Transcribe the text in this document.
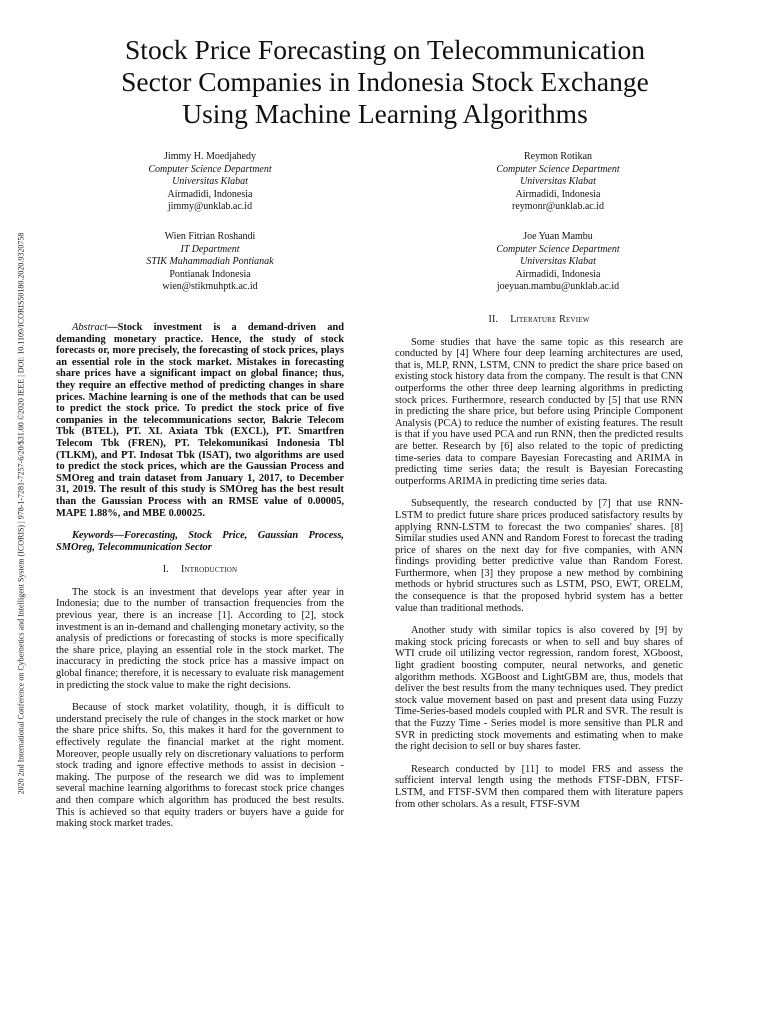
2020 2nd International Conference on Cybernetics and Intelligent System (ICORIS) | 978-1-7281-7257-6/20/$31.00 ©2020 IEEE | DOI: 10.1109/ICORIS50180.2020.9320758
Stock Price Forecasting on Telecommunication
Sector Companies in Indonesia Stock Exchange
Using Machine Learning Algorithms
Jimmy H. Moedjahedy
Computer Science Department
Universitas Klabat
Airmadidi, Indonesia
jimmy@unklab.ac.id
Reymon Rotikan
Computer Science Department
Universitas Klabat
Airmadidi, Indonesia
reymonr@unklab.ac.id
Wien Fitrian Roshandi
IT Department
STIK Muhammadiah Pontianak
Pontianak Indonesia
wien@stikmuhptk.ac.id
Joe Yuan Mambu
Computer Science Department
Universitas Klabat
Airmadidi, Indonesia
joeyuan.mambu@unklab.ac.id

Abstract—Stock investment is a demand-driven and demanding monetary practice. Hence, the study of stock forecasts or, more precisely, the forecasting of stock prices, plays an essential role in the stock market. Mistakes in forecasting share prices have a significant impact on global finance; thus, they require an effective method of predicting changes in share prices. Machine learning is one of the methods that can be used to predict the stock price. To predict the stock price of five companies in the telecommunications sector, Bakrie Telecom Tbk (BTEL), PT. XL Axiata Tbk (EXCL), PT. Smartfren Telecom Tbk (FREN), PT. Telekomunikasi Indonesia Tbl (TLKM), and PT. Indosat Tbk (ISAT), two algorithms are used to predict the stock prices, which are the Gaussian Process and SMOreg and train dataset from January 1, 2017, to December 31, 2019. The result of this study is SMOreg has the best result than the Gaussian Process with an RMSE value of 0.00005, MAPE 1.88%, and MBE 0.00025.

Keywords—Forecasting, Stock Price, Gaussian Process, SMOreg, Telecommunication Sector

I. Introduction

The stock is an investment that develops year after year in Indonesia; due to the number of transaction frequencies from the previous year, there is an increase [1]. According to [2], stock investment is an in-demand and challenging monetary activity, so the analysis of predictions or forecasting of stocks is more specifically the share price, playing an essential role in the stock market. The inaccuracy in predicting the stock price has a massive impact on global finance; therefore, it is necessary to evaluate risk management in predicting the stock value to make the right decisions.

Because of stock market volatility, though, it is difficult to understand precisely the rule of changes in the stock market or how the share price shifts. So, this makes it hard for the government to effectively regulate the financial market at the right moment. Moreover, people usually rely on discretionary valuations to perform stock trading and ignore effective methods to assist in decision - making. The purpose of the research we did was to implement several machine learning algorithms to forecast stock price changes and then compare which algorithm has produced the best results. This is achieved so that equity traders or buyers have a guide for making stock market trades.

II. Literature Review

Some studies that have the same topic as this research are conducted by [4] Where four deep learning architectures are used, that is, MLP, RNN, LSTM, CNN to predict the share price based on existing stock history data from the company. The result is that CNN outperforms the other three deep learning algorithms in predicting stock prices. Furthermore, research conducted by [5] that use RNN in predicting the share price, but before using Principle Component Analysis (PCA) to reduce the number of existing features. The result is that if you have used PCA and run RNN, then the predicted results are better. Research by [6] also related to the topic of predicting time-series data to compare Bayesian Forecasting and ARIMA in predicting time series data; the result is Bayesian Forecasting outperforms ARIMA in predicting time series data.

Subsequently, the research conducted by [7] that use RNN-LSTM to predict future share prices produced satisfactory results by applying RNN-LSTM to forecast the two companies' shares. [8] Similar studies used ANN and Random Forest to forecast the trading price of shares on the next day for five companies, with ANN findings providing better predictive value than Random Forest. Furthermore, when [3] they propose a new method by combining methods or hybrid structures such as LSTM, PSO, EWT, ORELM, the consequence is that the proposed hybrid system has a better value than traditional methods.

Another study with similar topics is also covered by [9] by making stock pricing forecasts or when to sell and buy shares of WTI crude oil utilizing vector regression, random forest, XGboost, light gradient boosting computer, neural networks, and genetic algorithm methods. XGBoost and LightGBM are, thus, models that deliver the best results from the many techniques used. They predict stock value movement based on past and present data using Fuzzy Time-Series-based models coupled with PLR and SVR. The result is that the Fuzzy Time - Series model is more sensitive than PLR and SVR in predicting stock movements and estimating when to make the right decision to sell or buy shares faster.

Research conducted by [11] to model FRS and assess the sufficient interval length using the methods FTSF-DBN, FTSF-LSTM, and FTSF-SVM then compared them with literature papers from other scholars. As a result, FTSF-SVM
